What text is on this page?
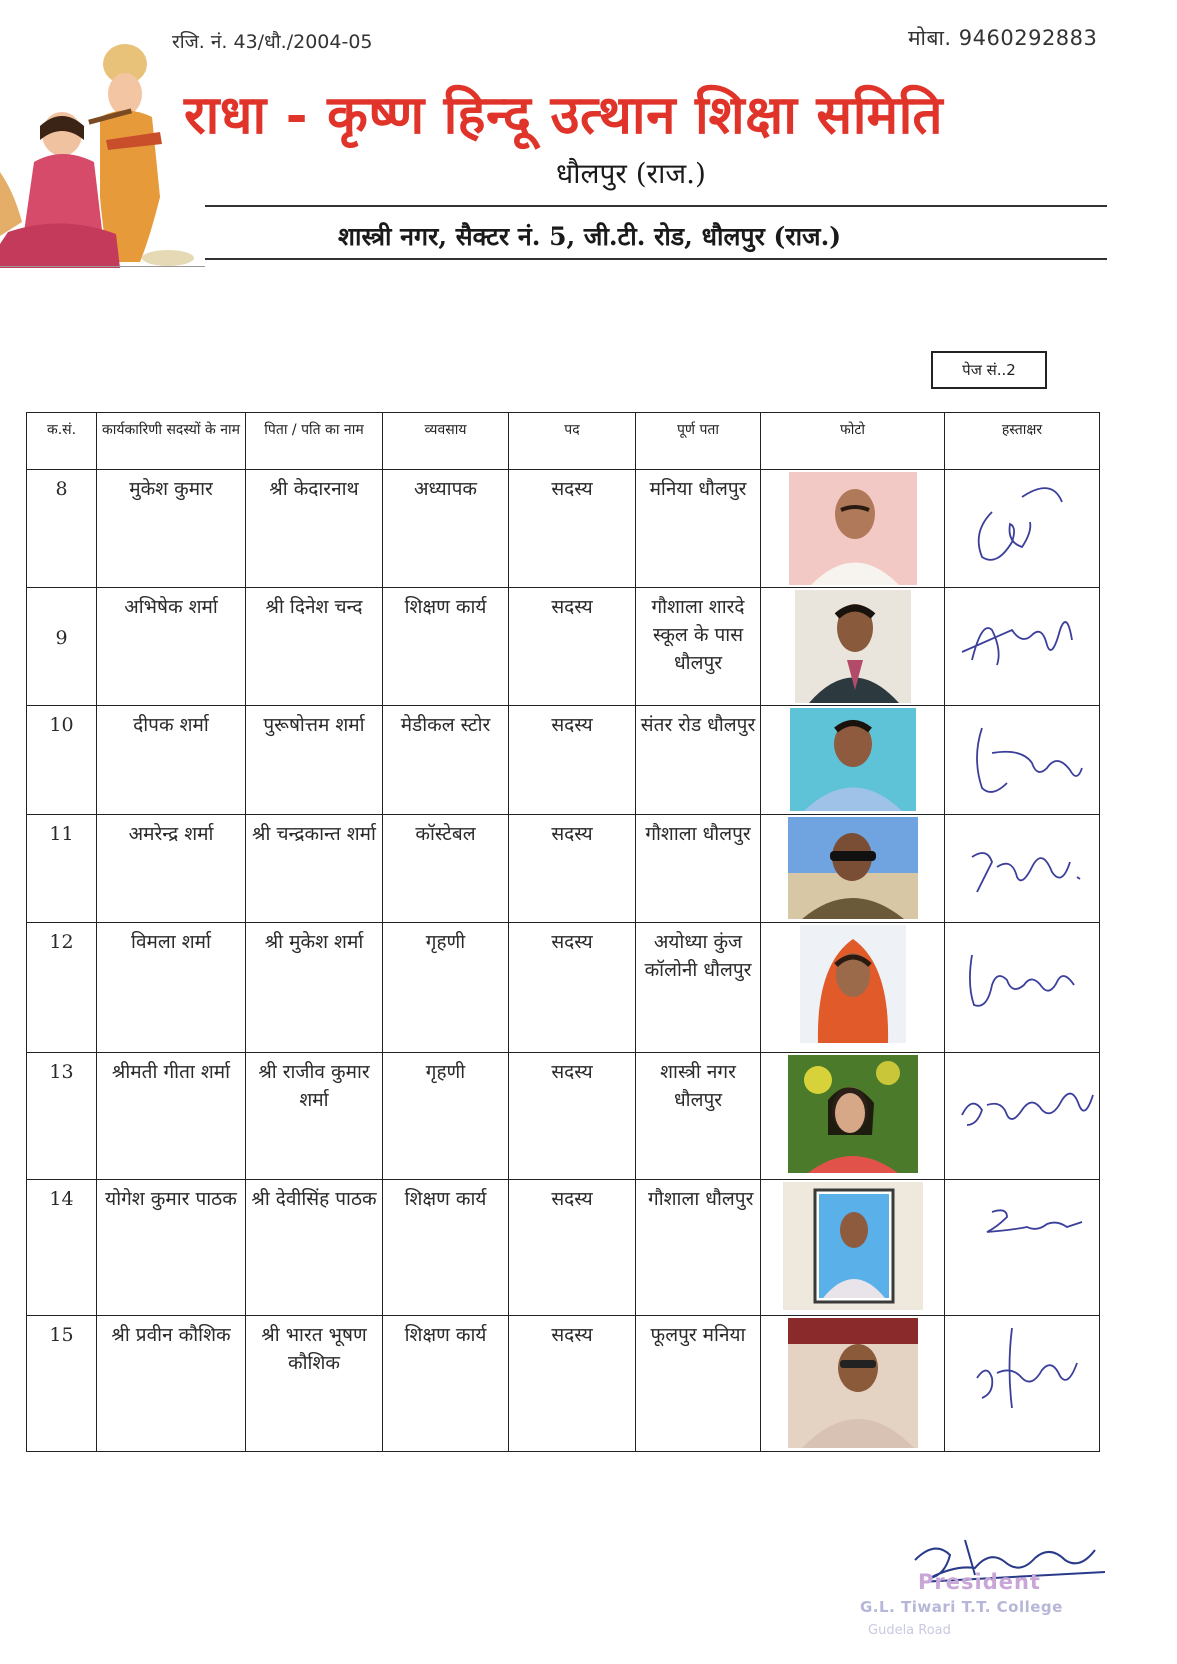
रजि. नं. 43/धौ./2004-05	मोबा. 9460292883
राधा - कृष्ण हिन्दू उत्थान शिक्षा समिति
धौलपुर (राज.)
शास्त्री नगर, सैक्टर नं. 5, जी.टी. रोड, धौलपुर (राज.)
पेज सं..2
क.सं.	कार्यकारिणी सदस्यों के नाम	पिता / पति का नाम	व्यवसाय	पद	पूर्ण पता	फोटो	हस्ताक्षर
8	मुकेश कुमार	श्री केदारनाथ	अध्यापक	सदस्य	मनिया धौलपुर	

9	अभिषेक शर्मा	श्री दिनेश चन्द	शिक्षण कार्य	सदस्य	गौशाला शारदे स्कूल के पास धौलपुर	

10	दीपक शर्मा	पुरूषोत्तम शर्मा	मेडीकल स्टोर	सदस्य	संतर रोड धौलपुर	

11	अमरेन्द्र शर्मा	श्री चन्द्रकान्त शर्मा	कॉस्टेबल	सदस्य	गौशाला धौलपुर	

12	विमला शर्मा	श्री मुकेश शर्मा	गृहणी	सदस्य	अयोध्या कुंज कॉलोनी धौलपुर	

13	श्रीमती गीता शर्मा	श्री राजीव कुमार शर्मा	गृहणी	सदस्य	शास्त्री नगर धौलपुर	

14	योगेश कुमार पाठक	श्री देवीसिंह पाठक	शिक्षण कार्य	सदस्य	गौशाला धौलपुर	

15	श्री प्रवीन कौशिक	श्री भारत भूषण कौशिक	शिक्षण कार्य	सदस्य	फूलपुर मनिया	

President
G.L. Tiwari T.T. College
Gudela Road
